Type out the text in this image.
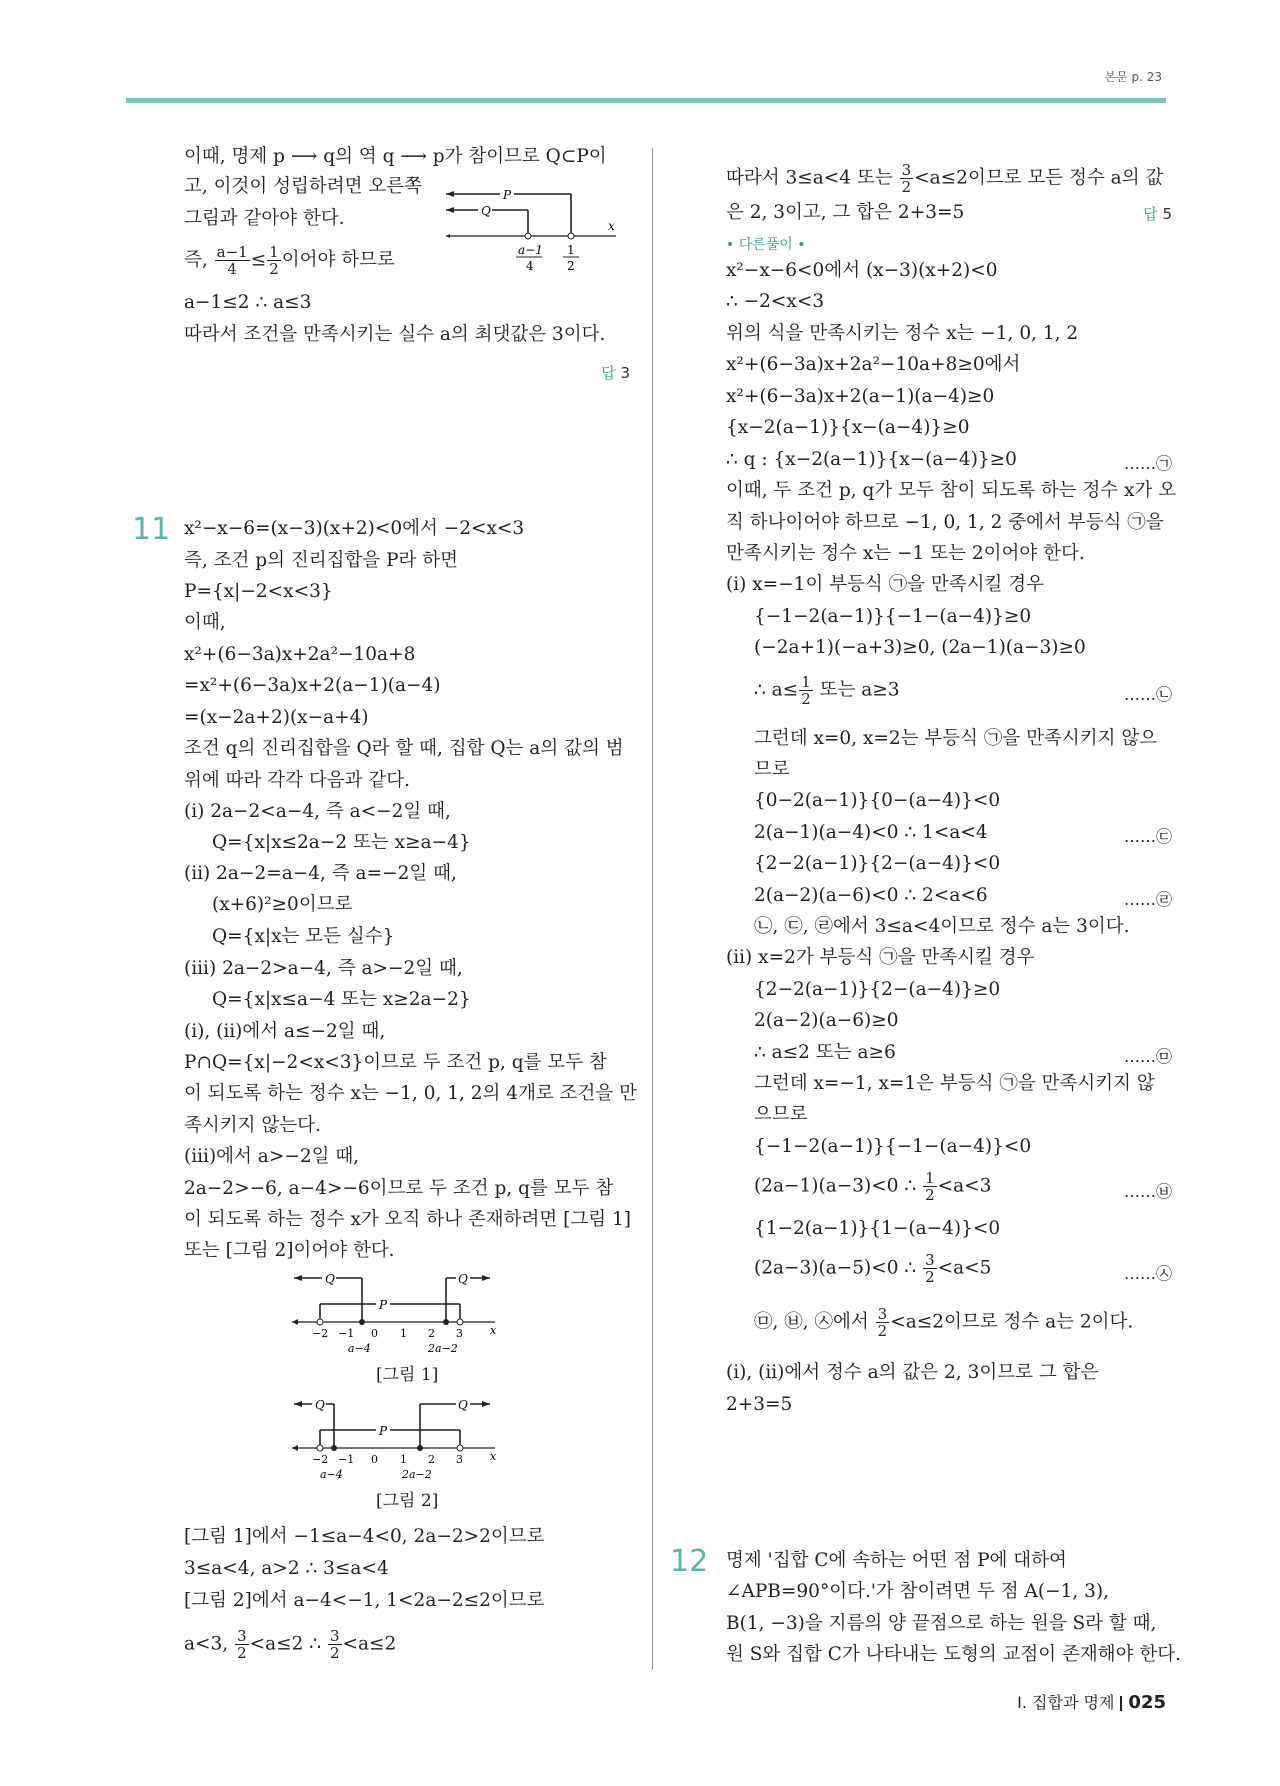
본문 p. 23
이때, 명제 p ⟶ q의 역 q ⟶ p가 참이므로 Q⊂P이
고, 이것이 성립하려면 오른쪽
그림과 같아야 한다.
즉, $\frac{a-1}{4} \le \frac{1}{2}$ 이어야 하므로
a−1≤2 ∴ a≤3
따라서 조건을 만족시키는 실수 a의 최댓값은 3이다.
답 3
P
Q
a−1
4
1
2
x
11 x²−x−6=(x−3)(x+2)<0에서 −2<x<3
즉, 조건 p의 진리집합을 P라 하면
P={x|−2<x<3}
이때,
x²+(6−3a)x+2a²−10a+8
=x²+(6−3a)x+2(a−1)(a−4)
=(x−2a+2)(x−a+4)
조건 q의 진리집합을 Q라 할 때, 집합 Q는 a의 값의 범
위에 따라 각각 다음과 같다.
(i) 2a−2<a−4, 즉 a<−2일 때,
Q={x|x≤2a−2 또는 x≥a−4}
(ii) 2a−2=a−4, 즉 a=−2일 때,
(x+6)²≥0이므로
Q={x|x는 모든 실수}
(iii) 2a−2>a−4, 즉 a>−2일 때,
Q={x|x≤a−4 또는 x≥2a−2}
(i), (ii)에서 a≤−2일 때,
P∩Q={x|−2<x<3}이므로 두 조건 p, q를 모두 참
이 되도록 하는 정수 x는 −1, 0, 1, 2의 4개로 조건을 만
족시키지 않는다.
(iii)에서 a>−2일 때,
2a−2>−6, a−4>−6이므로 두 조건 p, q를 모두 참
이 되도록 하는 정수 x가 오직 하나 존재하려면 [그림 1]
또는 [그림 2]이어야 한다.
P
Q	Q
−2 −1 0 1 2 3 x
a−4	2a−2
[그림 1]
P
Q	Q
−2 −1 0 1 2 3 x
a−4	2a−2
[그림 2]
[그림 1]에서 −1≤a−4<0, 2a−2>2이므로
3≤a<4, a>2 ∴ 3≤a<4
[그림 2]에서 a−4<−1, 1<2a−2≤2이므로
a<3, $\frac{3}{2} <a\le 2$ ∴ $\frac{3}{2} <a\le 2$
따라서 3≤a<4 또는 $\frac{3}{2} <a\le 2$이므로 모든 정수 a의 값
은 2, 3이고, 그 합은 2+3=5	답 5
• 다른풀이 •
x²−x−6<0에서 (x−3)(x+2)<0
∴ −2<x<3
위의 식을 만족시키는 정수 x는 −1, 0, 1, 2
x²+(6−3a)x+2a²−10a+8≥0에서
x²+(6−3a)x+2(a−1)(a−4)≥0
{x−2(a−1)}{x−(a−4)}≥0
∴ q : {x−2(a−1)}{x−(a−4)}≥0	……㉠
이때, 두 조건 p, q가 모두 참이 되도록 하는 정수 x가 오
직 하나이어야 하므로 −1, 0, 1, 2 중에서 부등식 ㉠을
만족시키는 정수 x는 −1 또는 2이어야 한다.
(i) x=−1이 부등식 ㉠을 만족시킬 경우
{−1−2(a−1)}{−1−(a−4)}≥0
(−2a+1)(−a+3)≥0, (2a−1)(a−3)≥0
∴ $a\le \frac{1}{2}$ 또는 a≥3	……㉡
그런데 x=0, x=2는 부등식 ㉠을 만족시키지 않으
므로
{0−2(a−1)}{0−(a−4)}<0
2(a−1)(a−4)<0 ∴ 1<a<4	……㉢
{2−2(a−1)}{2−(a−4)}<0
2(a−2)(a−6)<0 ∴ 2<a<6	……㉣
㉡, ㉢, ㉣에서 3≤a<4이므로 정수 a는 3이다.
(ii) x=2가 부등식 ㉠을 만족시킬 경우
{2−2(a−1)}{2−(a−4)}≥0
2(a−2)(a−6)≥0
∴ a≤2 또는 a≥6	……㉤
그런데 x=−1, x=1은 부등식 ㉠을 만족시키지 않
으므로
{−1−2(a−1)}{−1−(a−4)}<0
(2a−1)(a−3)<0 ∴ $\frac{1}{2} <a<3$	……㉥
{1−2(a−1)}{1−(a−4)}<0
(2a−3)(a−5)<0 ∴ $\frac{3}{2} <a<5$	……㉦
㉤, ㉥, ㉦에서 $\frac{3}{2} <a\le 2$이므로 정수 a는 2이다.
(i), (ii)에서 정수 a의 값은 2, 3이므로 그 합은
2+3=5
12 명제 '집합 C에 속하는 어떤 점 P에 대하여
∠APB=90°이다.'가 참이려면 두 점 A(−1, 3),
B(1, −3)을 지름의 양 끝점으로 하는 원을 S라 할 때,
원 S와 집합 C가 나타내는 도형의 교점이 존재해야 한다.
I. 집합과 명제 025
